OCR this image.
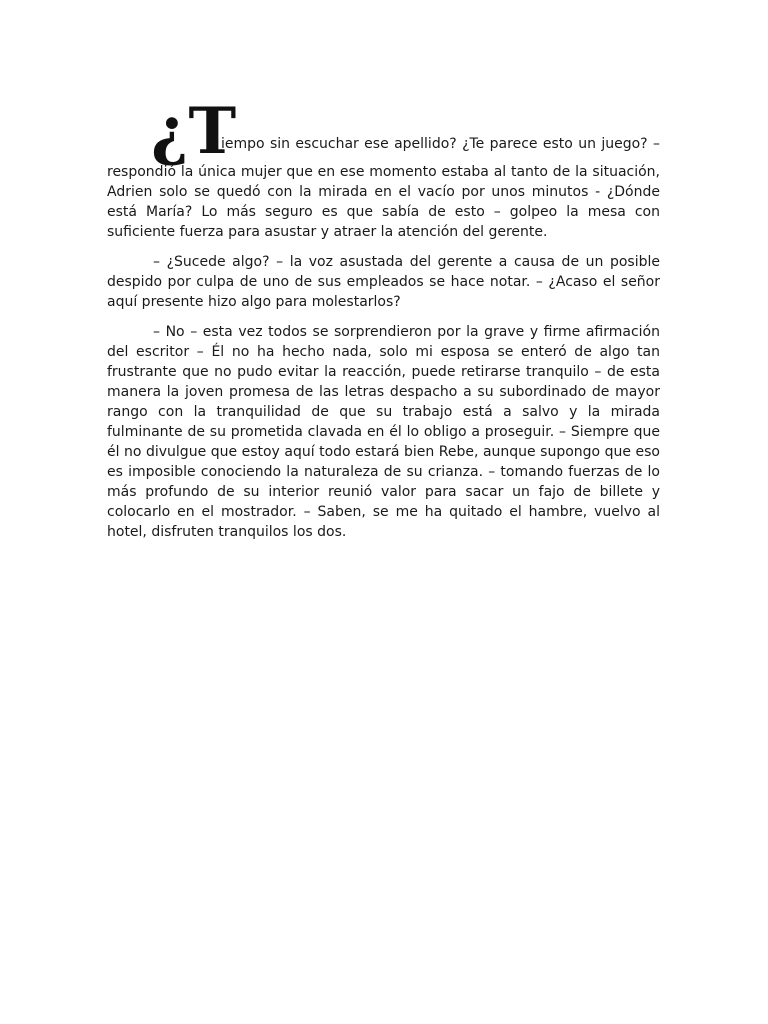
¿T
iempo sin escuchar ese apellido? ¿Te parece esto un juego? –
respondió la única mujer que en ese momento estaba al tanto de la situación, Adrien solo se quedó con la mirada en el vacío por unos minutos - ¿Dónde está María? Lo más seguro es que sabía de esto – golpeo la mesa con suficiente fuerza para asustar y atraer la atención del gerente.

– ¿Sucede algo? – la voz asustada del gerente a causa de un posible despido por culpa de uno de sus empleados se hace notar. – ¿Acaso el señor aquí presente hizo algo para molestarlos?

– No – esta vez todos se sorprendieron por la grave y firme afirmación del escritor – Él no ha hecho nada, solo mi esposa se enteró de algo tan frustrante que no pudo evitar la reacción, puede retirarse tranquilo – de esta manera la joven promesa de las letras despacho a su subordinado de mayor rango con la tranquilidad de que su trabajo está a salvo y la mirada fulminante de su prometida clavada en él lo obligo a proseguir. – Siempre que él no divulgue que estoy aquí todo estará bien Rebe, aunque supongo que eso es imposible conociendo la naturaleza de su crianza. – tomando fuerzas de lo más profundo de su interior reunió valor para sacar un fajo de billete y colocarlo en el mostrador. – Saben, se me ha quitado el hambre, vuelvo al hotel, disfruten tranquilos los dos.
